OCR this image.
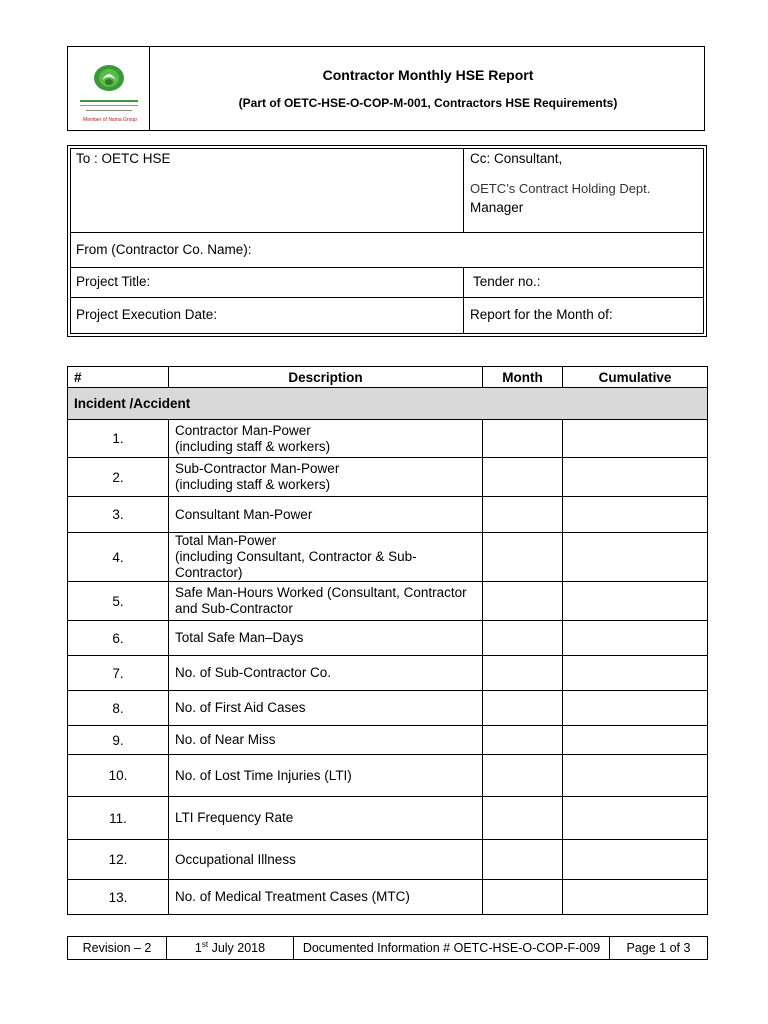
Member of Nama Group
Contractor Monthly HSE Report
(Part of OETC-HSE-O-COP-M-001, Contractors HSE Requirements)
To : OETC HSE	Cc: Consultant,
OETC’s Contract Holding Dept.
Manager
From (Contractor Co. Name):
Project Title:	Tender no.:
Project Execution Date:	Report for the Month of:
#	Description	Month	Cumulative
Incident /Accident			
1.	Contractor Man-Power
(including staff & workers)		
2.	Sub-Contractor Man-Power
(including staff & workers)		
3.	Consultant Man-Power		
4.	Total Man-Power
(including Consultant, Contractor & Sub-
Contractor)		
5.	Safe Man-Hours Worked (Consultant, Contractor
and Sub-Contractor		
6.	Total Safe Man–Days		
7.	No. of Sub-Contractor Co.		
8.	No. of First Aid Cases		
9.	No. of Near Miss		
10.	No. of Lost Time Injuries (LTI)		
11.	LTI Frequency Rate		
12.	Occupational Illness		
13.	No. of Medical Treatment Cases (MTC)		
Revision – 2	1st July 2018	Documented Information # OETC-HSE-O-COP-F-009	Page 1 of 3
